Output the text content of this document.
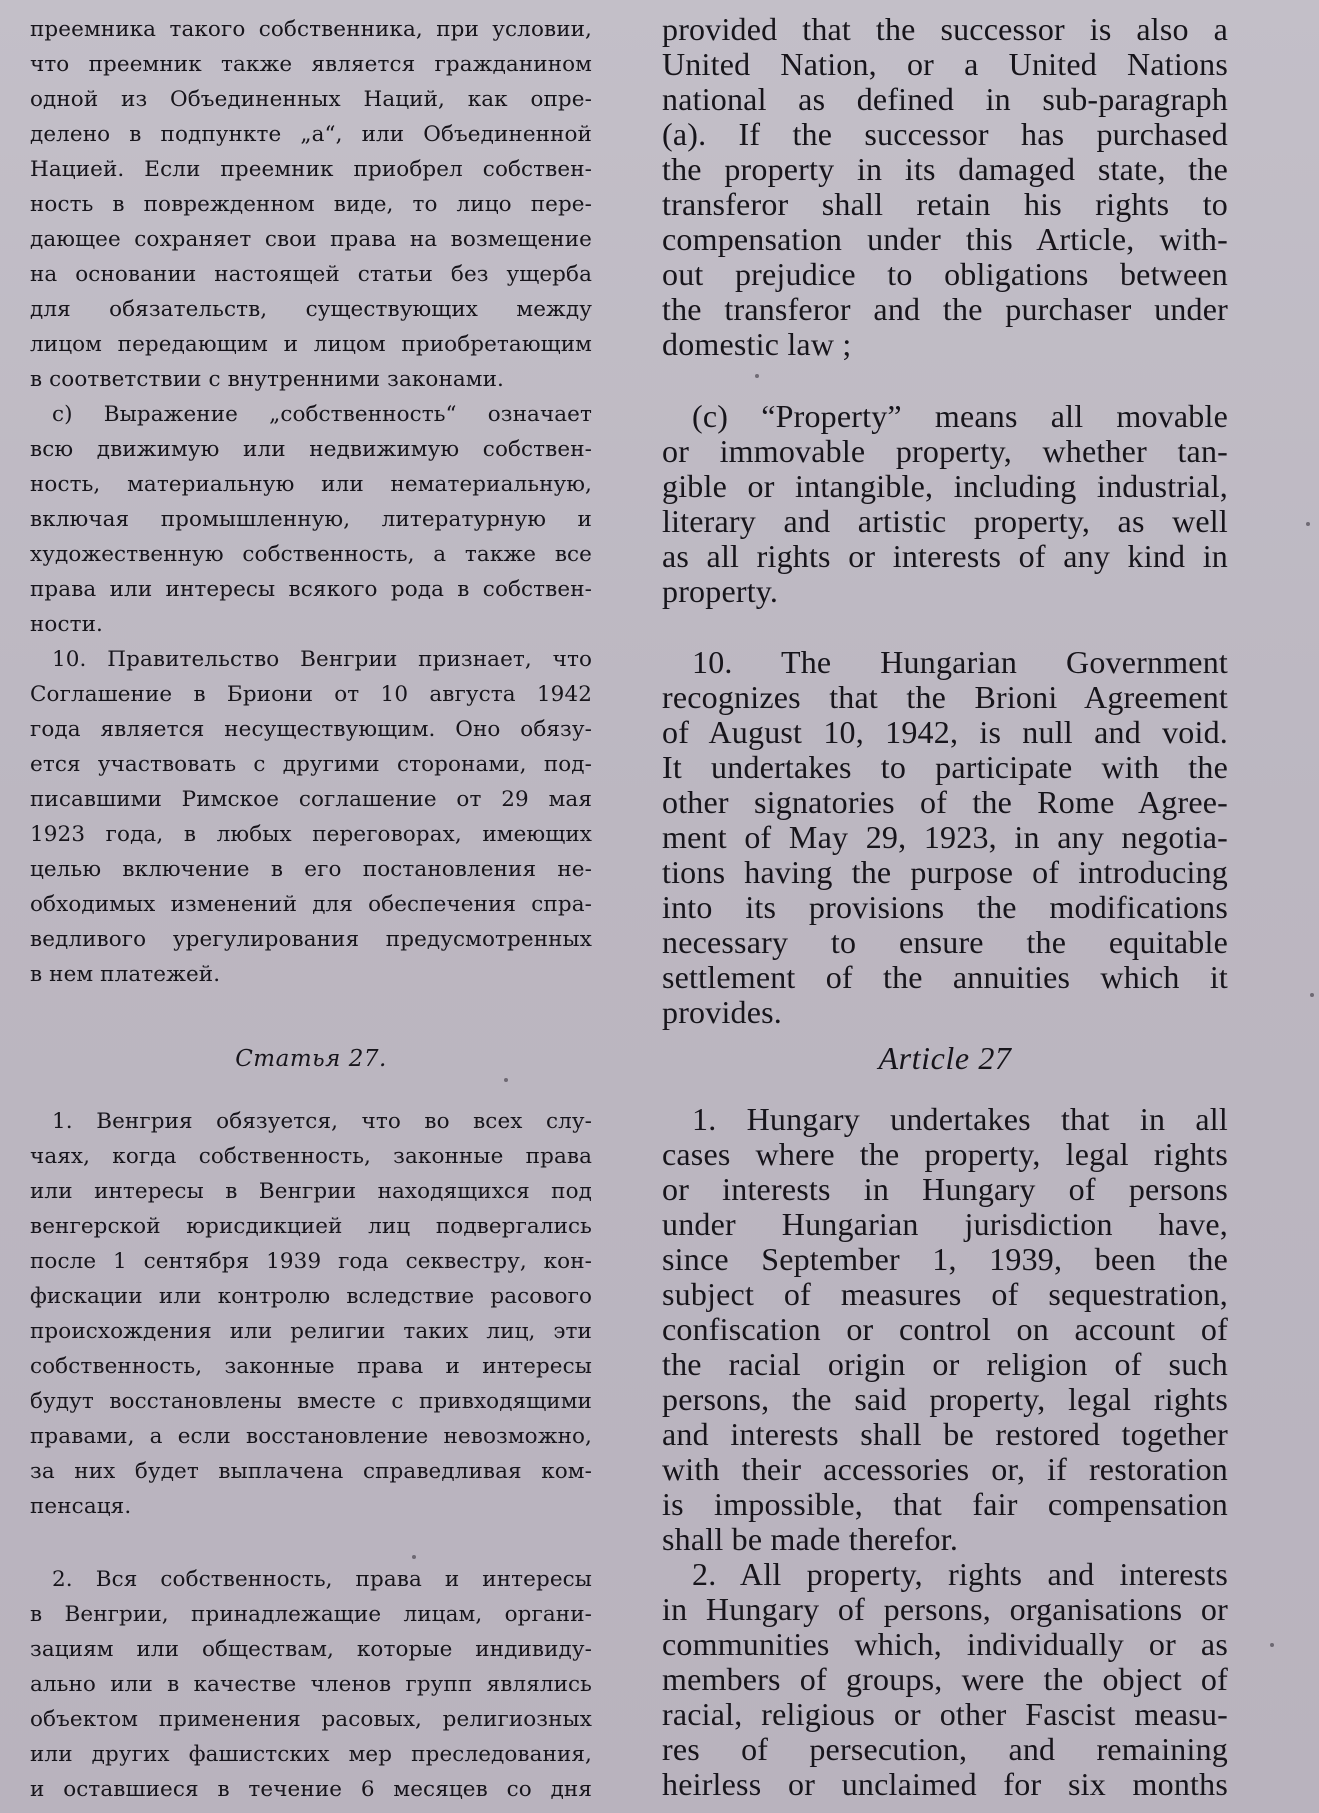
преемника такого собственника, при условии,
что преемник также является гражданином
одной из Объединенных Наций, как опре-
делено в подпункте „а“, или Объединенной
Нацией. Если преемник приобрел собствен-
ность в поврежденном виде, то лицо пере-
дающее сохраняет свои права на возмещение
на основании настоящей статьи без ущерба
для обязательств, существующих между
лицом передающим и лицом приобретающим
в соответствии с внутренними законами.
c) Выражение „собственность“ означает
всю движимую или недвижимую собствен-
ность, материальную или нематериальную,
включая промышленную, литературную и
художественную собственность, а также все
права или интересы всякого рода в собствен-
ности.
10. Правительство Венгрии признает, что
Соглашение в Бриони от 10 августа 1942
года является несуществующим. Оно обязу-
ется участвовать с другими сторонами, под-
писавшими Римское соглашение от 29 мая
1923 года, в любых переговорах, имеющих
целью включение в его постановления не-
обходимых изменений для обеспечения спра-
ведливого урегулирования предусмотренных
в нем платежей.
Статья 27.
1. Венгрия обязуется, что во всех слу-
чаях, когда собственность, законные права
или интересы в Венгрии находящихся под
венгерской юрисдикцией лиц подвергались
после 1 сентября 1939 года секвестру, кон-
фискации или контролю вследствие расового
происхождения или религии таких лиц, эти
собственность, законные права и интересы
будут восстановлены вместе с привходящими
правами, а если восстановление невозможно,
за них будет выплачена справедливая ком-
пенсаця.
2. Вся собственность, права и интересы
в Венгрии, принадлежащие лицам, органи-
зациям или обществам, которые индивиду-
ально или в качестве членов групп являлись
объектом применения расовых, религиозных
или других фашистских мер преследования,
и оставшиеся в течение 6 месяцев со дня
provided that the successor is also a
United Nation, or a United Nations
national as defined in sub-paragraph
(a). If the successor has purchased
the property in its damaged state, the
transferor shall retain his rights to
compensation under this Article, with-
out prejudice to obligations between
the transferor and the purchaser under
domestic law ;
(c) “Property” means all movable
or immovable property, whether tan-
gible or intangible, including industrial,
literary and artistic property, as well
as all rights or interests of any kind in
property.
10. The Hungarian Government
recognizes that the Brioni Agreement
of August 10, 1942, is null and void.
It undertakes to participate with the
other signatories of the Rome Agree-
ment of May 29, 1923, in any negotia-
tions having the purpose of introducing
into its provisions the modifications
necessary to ensure the equitable
settlement of the annuities which it
provides.
Article 27
1. Hungary undertakes that in all
cases where the property, legal rights
or interests in Hungary of persons
under Hungarian jurisdiction have,
since September 1, 1939, been the
subject of measures of sequestration,
confiscation or control on account of
the racial origin or religion of such
persons, the said property, legal rights
and interests shall be restored together
with their accessories or, if restoration
is impossible, that fair compensation
shall be made therefor.
2. All property, rights and interests
in Hungary of persons, organisations or
communities which, individually or as
members of groups, were the object of
racial, religious or other Fascist measu-
res of persecution, and remaining
heirless or unclaimed for six months
